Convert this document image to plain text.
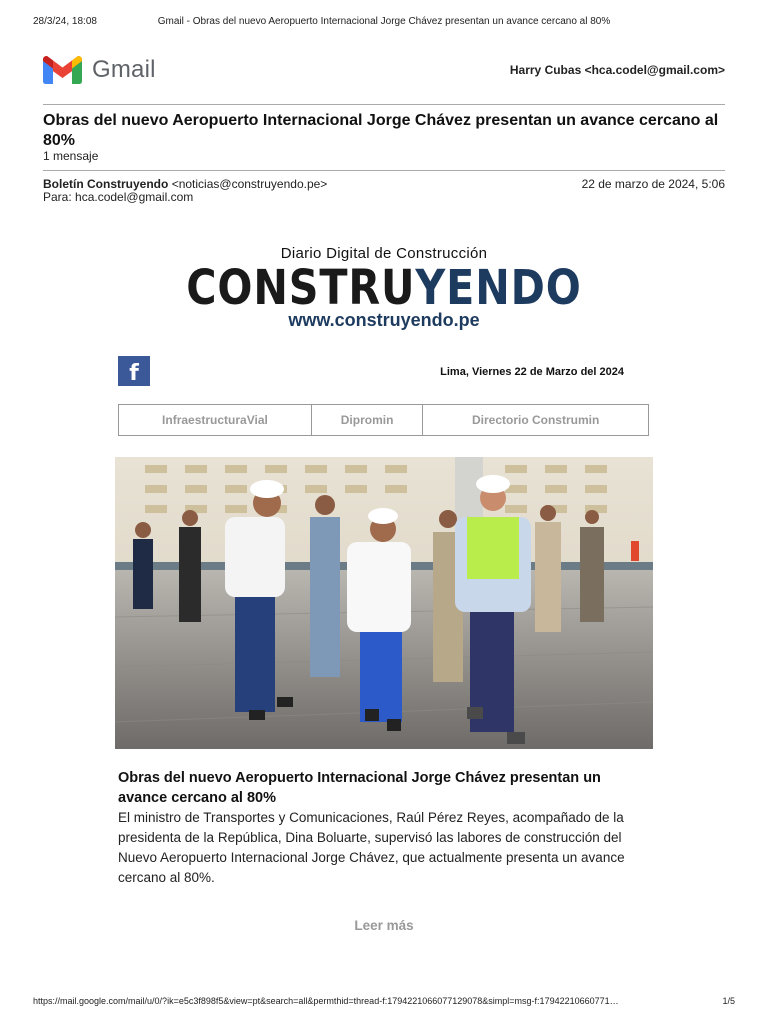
28/3/24, 18:08	Gmail - Obras del nuevo Aeropuerto Internacional Jorge Chávez presentan un avance cercano al 80%
Gmail	Harry Cubas <hca.codel@gmail.com>
Obras del nuevo Aeropuerto Internacional Jorge Chávez presentan un avance cercano al 80%
1 mensaje
Boletín Construyendo <noticias@construyendo.pe>	22 de marzo de 2024, 5:06
Para: hca.codel@gmail.com
Diario Digital de Construcción
CONSTRUYENDO
www.construyendo.pe
f	Lima, Viernes 22 de Marzo del 2024
InfraestructuraVial	Dipromin	Directorio Construmin
Obras del nuevo Aeropuerto Internacional Jorge Chávez presentan un avance cercano al 80%
El ministro de Transportes y Comunicaciones, Raúl Pérez Reyes, acompañado de la presidenta de la República, Dina Boluarte, supervisó las labores de construcción del Nuevo Aeropuerto Internacional Jorge Chávez, que actualmente presenta un avance cercano al 80%.
Leer más
https://mail.google.com/mail/u/0/?ik=e5c3f898f5&view=pt&search=all&permthid=thread-f:1794221066077129078&simpl=msg-f:17942210660771…	1/5
